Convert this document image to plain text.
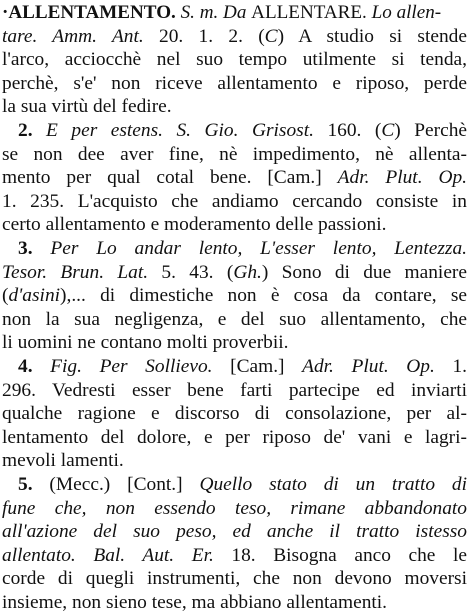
·ALLENTAMENTO. S. m. Da ALLENTARE. Lo allen-
tare. Amm. Ant. 20. 1. 2. (C) A studio si stende
l'arco, acciocchè nel suo tempo utilmente si tenda,
perchè, s'e' non riceve allentamento e riposo, perde
la sua virtù del fedire.
2. E per estens. S. Gio. Grisost. 160. (C) Perchè
se non dee aver fine, nè impedimento, nè allenta-
mento per qual cotal bene. [Cam.] Adr. Plut. Op.
1. 235. L'acquisto che andiamo cercando consiste in
certo allentamento e moderamento delle passioni.
3. Per Lo andar lento, L'esser lento, Lentezza.
Tesor. Brun. Lat. 5. 43. (Gh.) Sono di due maniere
(d'asini),... di dimestiche non è cosa da contare, se
non la sua negligenza, e del suo allentamento, che
li uomini ne contano molti proverbii.
4. Fig. Per Sollievo. [Cam.] Adr. Plut. Op. 1.
296. Vedresti esser bene farti partecipe ed inviarti
qualche ragione e discorso di consolazione, per al-
lentamento del dolore, e per riposo de' vani e lagri-
mevoli lamenti.
5. (Mecc.) [Cont.] Quello stato di un tratto di
fune che, non essendo teso, rimane abbandonato
all'azione del suo peso, ed anche il tratto istesso
allentato. Bal. Aut. Er. 18. Bisogna anco che le
corde di quegli instrumenti, che non devono moversi
insieme, non sieno tese, ma abbiano allentamenti.
